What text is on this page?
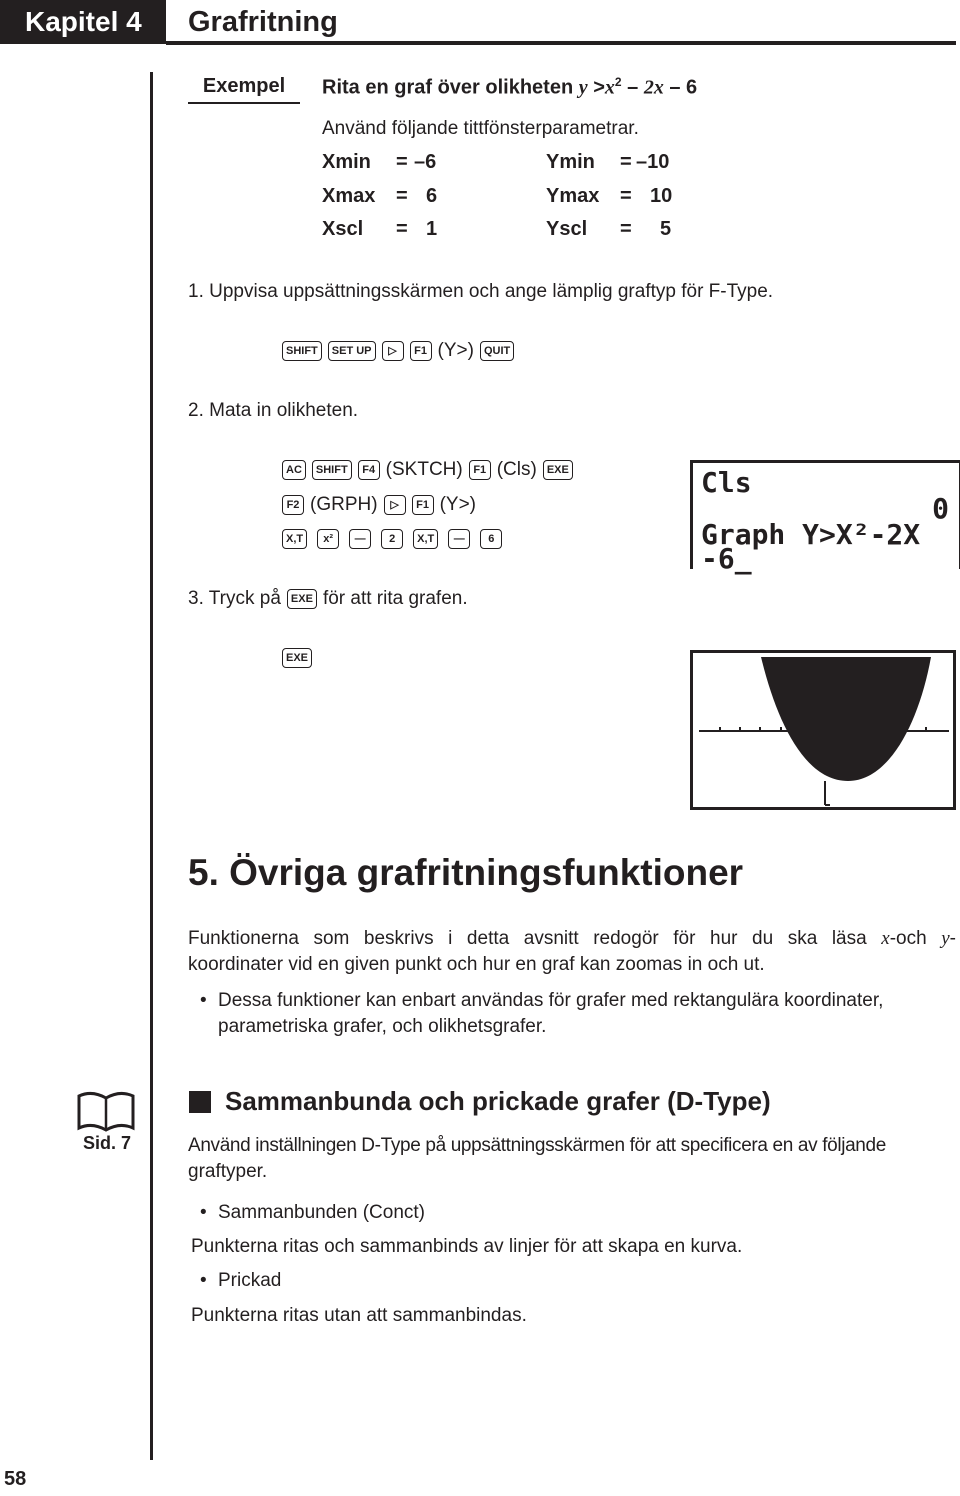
Kapitel 4	Grafritning
Exempel	Rita en graf över olikheten $y >x^2 - 2x - 6$
Använd följande tittfönsterparametrar.
Xmin = –6	Ymin = –10
Xmax = 6	Ymax = 10
Xscl = 1	Yscl = 5
1. Uppvisa uppsättningsskärmen och ange lämplig graftyp för F-Type.
SHIFT	SET UP	▷	F1 (Y>) QUIT
2. Mata in olikheten.
AC	SHIFT	F4 (SKTCH) F1 (Cls) EXE
F2 (GRPH)	▷	F1 (Y>)
X,T	x²	—	2	X,T	—	6
Cls
0
Graph Y>X²-2X
-6_
3. Tryck på EXE för att rita grafen.
EXE
5. Övriga grafritningsfunktioner
Funktionerna som beskrivs i detta avsnitt redogör för hur du ska läsa x-och y-
koordinater vid en given punkt och hur en graf kan zoomas in och ut.
• Dessa funktioner kan enbart användas för grafer med rektangulära koordinater,
parametriska grafer, och olikhetsgrafer.
Sid. 7
Sammanbunda och prickade grafer (D-Type)
Använd inställningen D-Type på uppsättningsskärmen för att specificera en av följande
graftyper.
• Sammanbunden (Conct)
Punkterna ritas och sammanbinds av linjer för att skapa en kurva.
• Prickad
Punkterna ritas utan att sammanbindas.
58
